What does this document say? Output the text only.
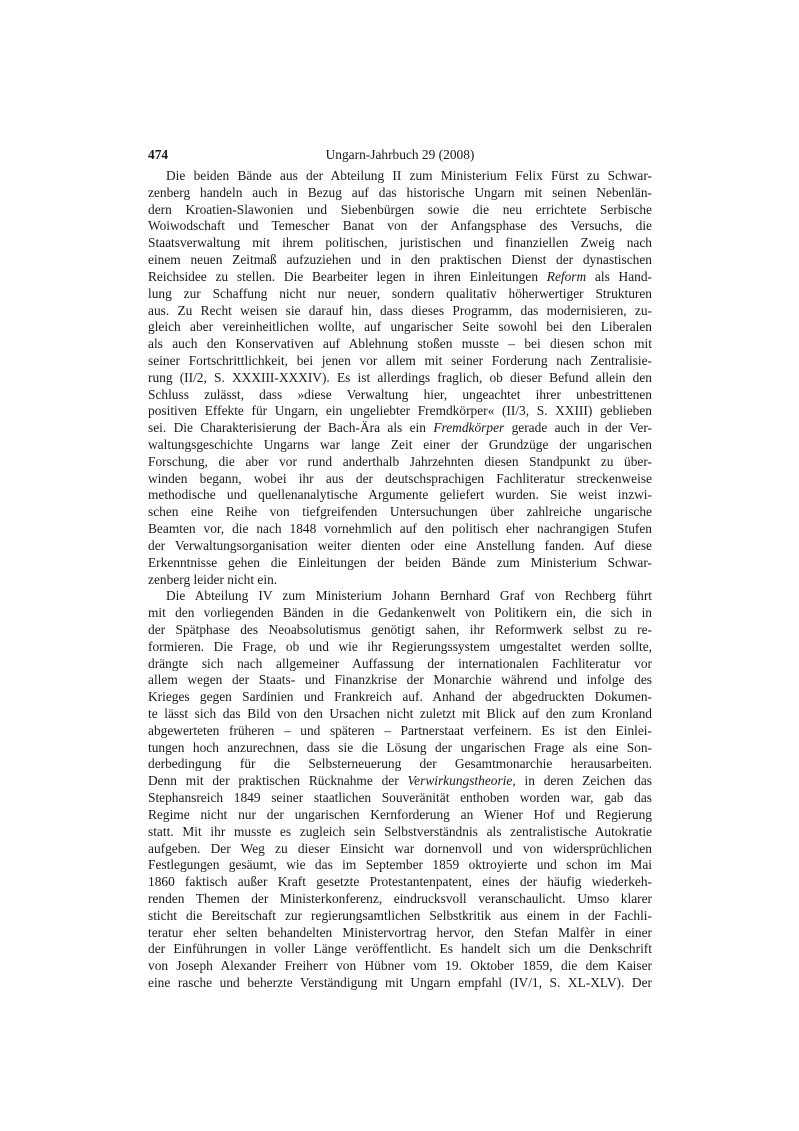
474	Ungarn-Jahrbuch 29 (2008)

Die beiden Bände aus der Abteilung II zum Ministerium Felix Fürst zu Schwar-
zenberg handeln auch in Bezug auf das historische Ungarn mit seinen Nebenlän-
dern Kroatien-Slawonien und Siebenbürgen sowie die neu errichtete Serbische
Woiwodschaft und Temescher Banat von der Anfangsphase des Versuchs, die
Staatsverwaltung mit ihrem politischen, juristischen und finanziellen Zweig nach
einem neuen Zeitmaß aufzuziehen und in den praktischen Dienst der dynastischen
Reichsidee zu stellen. Die Bearbeiter legen in ihren Einleitungen Reform als Hand-
lung zur Schaffung nicht nur neuer, sondern qualitativ höherwertiger Strukturen
aus. Zu Recht weisen sie darauf hin, dass dieses Programm, das modernisieren, zu-
gleich aber vereinheitlichen wollte, auf ungarischer Seite sowohl bei den Liberalen
als auch den Konservativen auf Ablehnung stoßen musste – bei diesen schon mit
seiner Fortschrittlichkeit, bei jenen vor allem mit seiner Forderung nach Zentralisie-
rung (II/2, S. XXXIII-XXXIV). Es ist allerdings fraglich, ob dieser Befund allein den
Schluss zulässt, dass »diese Verwaltung hier, ungeachtet ihrer unbestrittenen
positiven Effekte für Ungarn, ein ungeliebter Fremdkörper« (II/3, S. XXIII) geblieben
sei. Die Charakterisierung der Bach-Ära als ein Fremdkörper gerade auch in der Ver-
waltungsgeschichte Ungarns war lange Zeit einer der Grundzüge der ungarischen
Forschung, die aber vor rund anderthalb Jahrzehnten diesen Standpunkt zu über-
winden begann, wobei ihr aus der deutschsprachigen Fachliteratur streckenweise
methodische und quellenanalytische Argumente geliefert wurden. Sie weist inzwi-
schen eine Reihe von tiefgreifenden Untersuchungen über zahlreiche ungarische
Beamten vor, die nach 1848 vornehmlich auf den politisch eher nachrangigen Stufen
der Verwaltungsorganisation weiter dienten oder eine Anstellung fanden. Auf diese
Erkenntnisse gehen die Einleitungen der beiden Bände zum Ministerium Schwar-
zenberg leider nicht ein.

Die Abteilung IV zum Ministerium Johann Bernhard Graf von Rechberg führt
mit den vorliegenden Bänden in die Gedankenwelt von Politikern ein, die sich in
der Spätphase des Neoabsolutismus genötigt sahen, ihr Reformwerk selbst zu re-
formieren. Die Frage, ob und wie ihr Regierungssystem umgestaltet werden sollte,
drängte sich nach allgemeiner Auffassung der internationalen Fachliteratur vor
allem wegen der Staats- und Finanzkrise der Monarchie während und infolge des
Krieges gegen Sardinien und Frankreich auf. Anhand der abgedruckten Dokumen-
te lässt sich das Bild von den Ursachen nicht zuletzt mit Blick auf den zum Kronland
abgewerteten früheren – und späteren – Partnerstaat verfeinern. Es ist den Einlei-
tungen hoch anzurechnen, dass sie die Lösung der ungarischen Frage als eine Son-
derbedingung für die Selbsterneuerung der Gesamtmonarchie herausarbeiten.
Denn mit der praktischen Rücknahme der Verwirkungstheorie, in deren Zeichen das
Stephansreich 1849 seiner staatlichen Souveränität enthoben worden war, gab das
Regime nicht nur der ungarischen Kernforderung an Wiener Hof und Regierung
statt. Mit ihr musste es zugleich sein Selbstverständnis als zentralistische Autokratie
aufgeben. Der Weg zu dieser Einsicht war dornenvoll und von widersprüchlichen
Festlegungen gesäumt, wie das im September 1859 oktroyierte und schon im Mai
1860 faktisch außer Kraft gesetzte Protestantenpatent, eines der häufig wiederkeh-
renden Themen der Ministerkonferenz, eindrucksvoll veranschaulicht. Umso klarer
sticht die Bereitschaft zur regierungsamtlichen Selbstkritik aus einem in der Fachli-
teratur eher selten behandelten Ministervortrag hervor, den Stefan Malfèr in einer
der Einführungen in voller Länge veröffentlicht. Es handelt sich um die Denkschrift
von Joseph Alexander Freiherr von Hübner vom 19. Oktober 1859, die dem Kaiser
eine rasche und beherzte Verständigung mit Ungarn empfahl (IV/1, S. XL-XLV). Der
